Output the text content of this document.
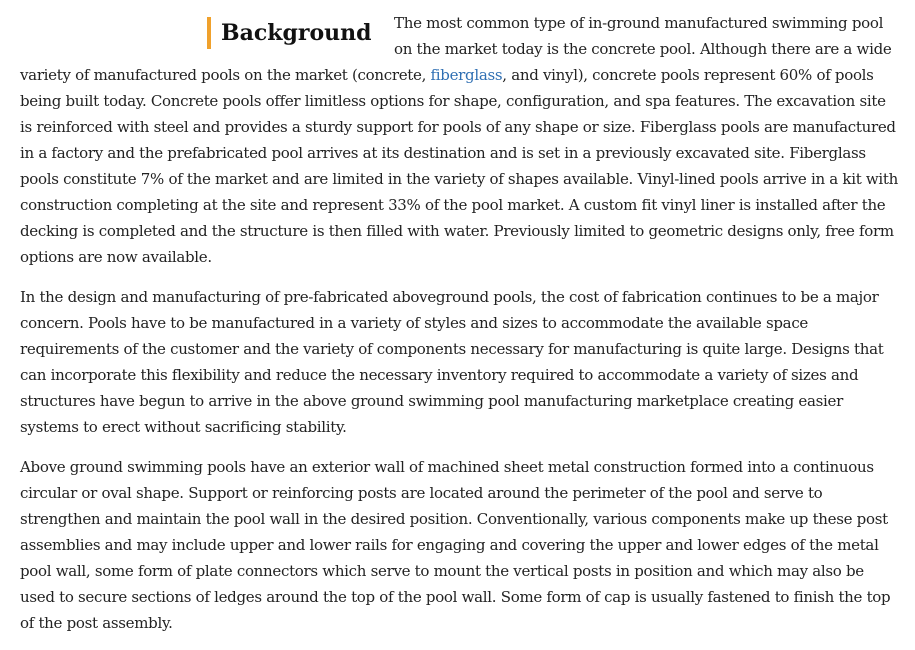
Background	The most common type of in-ground manufactured swimming pool on the market today is the concrete pool. Although there are a wide variety of manufactured pools on the market (concrete, fiberglass, and vinyl), concrete pools represent 60% of pools being built today. Concrete pools offer limitless options for shape, configuration, and spa features. The excavation site is reinforced with steel and provides a sturdy support for pools of any shape or size. Fiberglass pools are manufactured in a factory and the prefabricated pool arrives at its destination and is set in a previously excavated site. Fiberglass pools constitute 7% of the market and are limited in the variety of shapes available. Vinyl-lined pools arrive in a kit with construction completing at the site and represent 33% of the pool market. A custom fit vinyl liner is installed after the decking is completed and the structure is then filled with water. Previously limited to geometric designs only, free form options are now available.

In the design and manufacturing of pre-fabricated aboveground pools, the cost of fabrication continues to be a major concern. Pools have to be manufactured in a variety of styles and sizes to accommodate the available space requirements of the customer and the variety of components necessary for manufacturing is quite large. Designs that can incorporate this flexibility and reduce the necessary inventory required to accommodate a variety of sizes and structures have begun to arrive in the above ground swimming pool manufacturing marketplace creating easier systems to erect without sacrificing stability.

Above ground swimming pools have an exterior wall of machined sheet metal construction formed into a continuous circular or oval shape. Support or reinforcing posts are located around the perimeter of the pool and serve to strengthen and maintain the pool wall in the desired position. Conventionally, various components make up these post assemblies and may include upper and lower rails for engaging and covering the upper and lower edges of the metal pool wall, some form of plate connectors which serve to mount the vertical posts in position and which may also be used to secure sections of ledges around the top of the pool wall. Some form of cap is usually fastened to finish the top of the post assembly.
